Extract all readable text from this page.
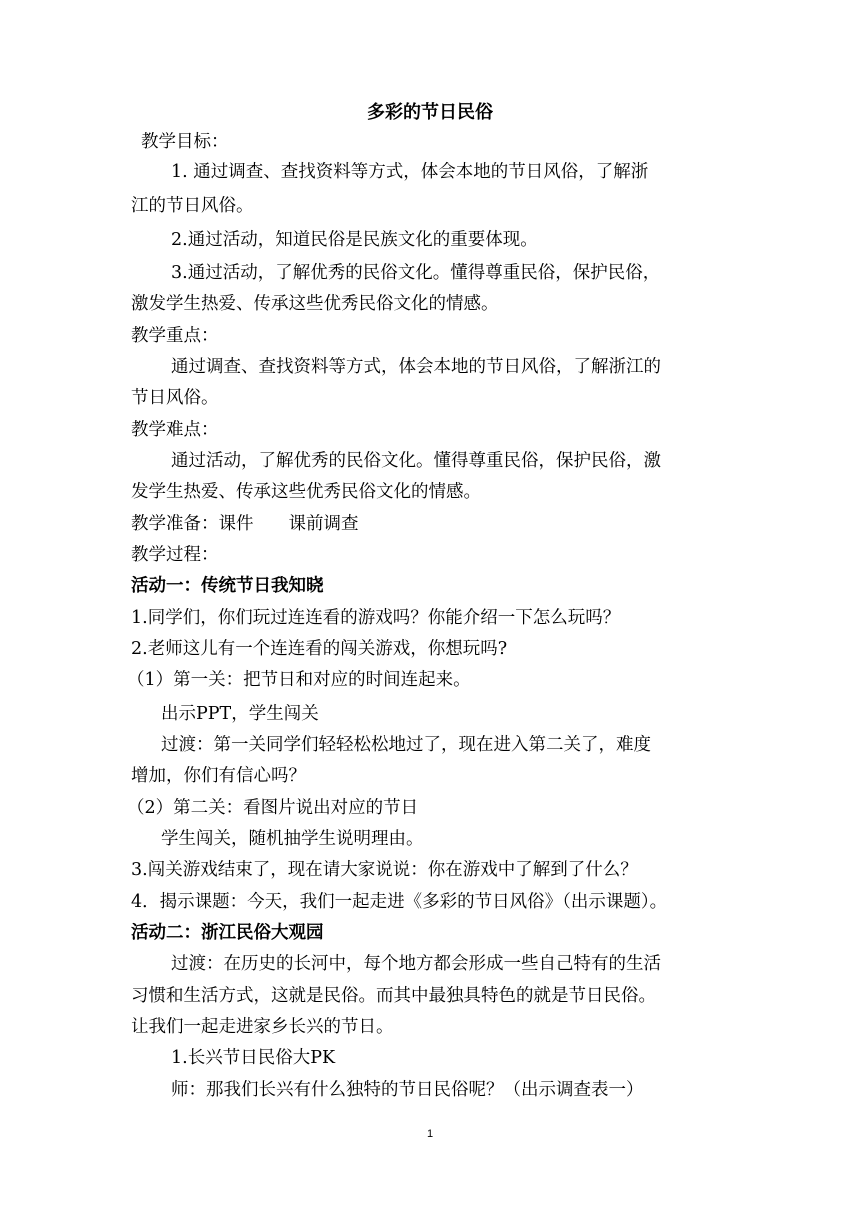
多彩的节日民俗
教学目标：
1. 通过调查、查找资料等方式，体会本地的节日风俗，了解浙
江的节日风俗。
2.通过活动，知道民俗是民族文化的重要体现。
3.通过活动，了解优秀的民俗文化。懂得尊重民俗，保护民俗，
激发学生热爱、传承这些优秀民俗文化的情感。
教学重点：
通过调查、查找资料等方式，体会本地的节日风俗，了解浙江的
节日风俗。
教学难点：
通过活动，了解优秀的民俗文化。懂得尊重民俗，保护民俗，激
发学生热爱、传承这些优秀民俗文化的情感。
教学准备：课件　　课前调查
教学过程：
活动一：传统节日我知晓
1.同学们，你们玩过连连看的游戏吗？你能介绍一下怎么玩吗？
2.老师这儿有一个连连看的闯关游戏，你想玩吗?
（1）第一关：把节日和对应的时间连起来。
出示PPT，学生闯关
过渡：第一关同学们轻轻松松地过了，现在进入第二关了，难度
增加，你们有信心吗？
（2）第二关：看图片说出对应的节日
学生闯关，随机抽学生说明理由。
3.闯关游戏结束了，现在请大家说说：你在游戏中了解到了什么？
4．揭示课题：今天，我们一起走进《多彩的节日风俗》（出示课题）。
活动二：浙江民俗大观园
过渡：在历史的长河中，每个地方都会形成一些自己特有的生活
习惯和生活方式，这就是民俗。而其中最独具特色的就是节日民俗。
让我们一起走进家乡长兴的节日。
1.长兴节日民俗大PK
师：那我们长兴有什么独特的节日民俗呢？（出示调查表一）
1
